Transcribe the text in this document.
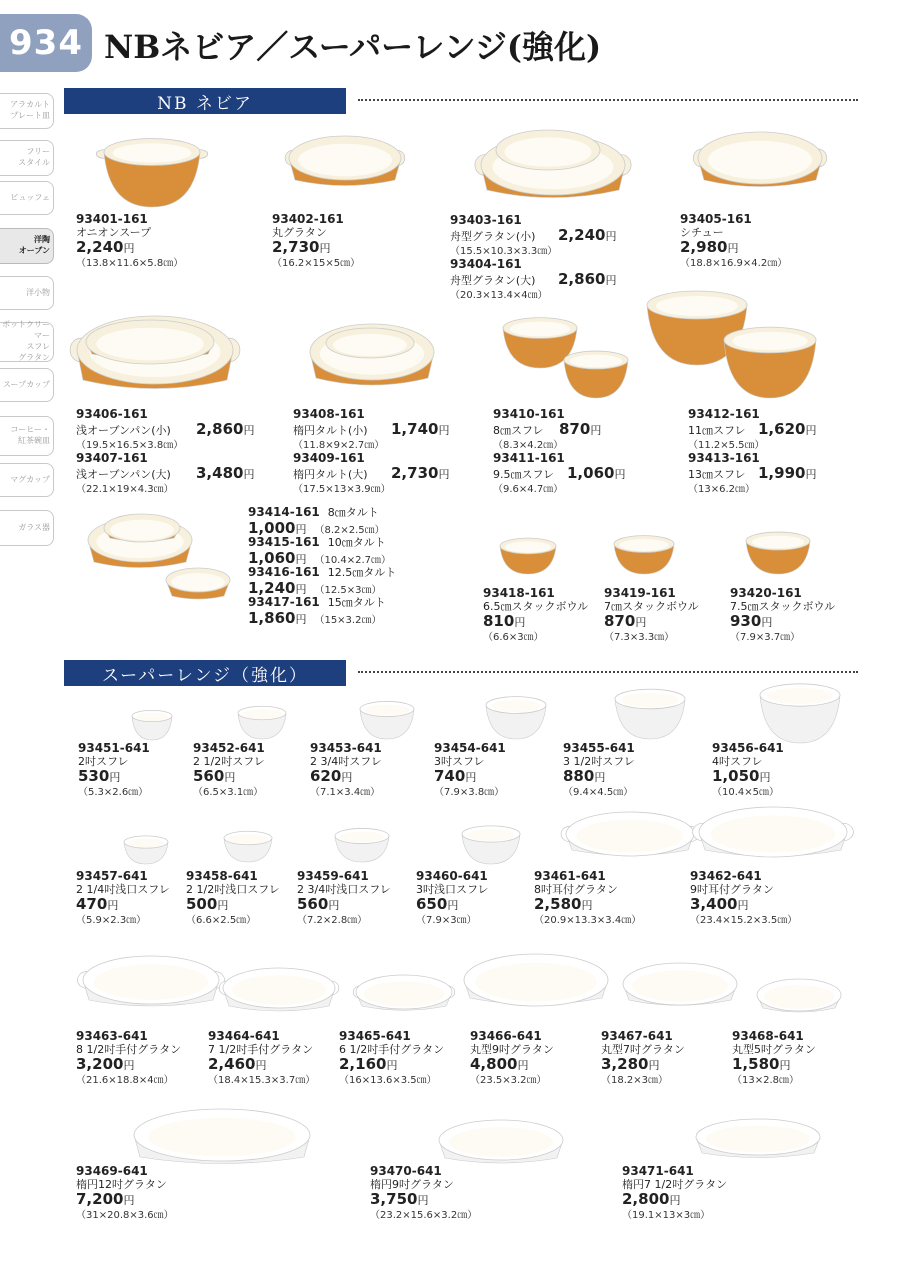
934 NBネビア／スーパーレンジ(強化)
アラカルト
プレート皿
フリー
スタイル
ビュッフェ
洋陶
オーブン
洋小物
ポットクリーマー
スフレ
グラタン
スープカップ
コーヒー・
紅茶碗皿
マグカップ
ガラス器
NB ネビア
スーパーレンジ（強化）
93401-161
オニオンスープ
2,240円
（13.8×11.6×5.8㎝）
93402-161
丸グラタン
2,730円
（16.2×15×5㎝）
93405-161
シチュー
2,980円
（18.8×16.9×4.2㎝）
93418-161
6.5㎝スタックボウル
810円
（6.6×3㎝）
93419-161
7㎝スタックボウル
870円
（7.3×3.3㎝）
93420-161
7.5㎝スタックボウル
930円
（7.9×3.7㎝）
93451-641
2吋スフレ
530円
（5.3×2.6㎝）
93452-641
2 1/2吋スフレ
560円
（6.5×3.1㎝）
93453-641
2 3/4吋スフレ
620円
（7.1×3.4㎝）
93454-641
3吋スフレ
740円
（7.9×3.8㎝）
93455-641
3 1/2吋スフレ
880円
（9.4×4.5㎝）
93456-641
4吋スフレ
1,050円
（10.4×5㎝）
93457-641
2 1/4吋浅口スフレ
470円
（5.9×2.3㎝）
93458-641
2 1/2吋浅口スフレ
500円
（6.6×2.5㎝）
93459-641
2 3/4吋浅口スフレ
560円
（7.2×2.8㎝）
93460-641
3吋浅口スフレ
650円
（7.9×3㎝）
93461-641
8吋耳付グラタン
2,580円
（20.9×13.3×3.4㎝）
93462-641
9吋耳付グラタン
3,400円
（23.4×15.2×3.5㎝）
93463-641
8 1/2吋手付グラタン
3,200円
（21.6×18.8×4㎝）
93464-641
7 1/2吋手付グラタン
2,460円
（18.4×15.3×3.7㎝）
93465-641
6 1/2吋手付グラタン
2,160円
（16×13.6×3.5㎝）
93466-641
丸型9吋グラタン
4,800円
（23.5×3.2㎝）
93467-641
丸型7吋グラタン
3,280円
（18.2×3㎝）
93468-641
丸型5吋グラタン
1,580円
（13×2.8㎝）
93469-641
楕円12吋グラタン
7,200円
（31×20.8×3.6㎝）
93470-641
楕円9吋グラタン
3,750円
（23.2×15.6×3.2㎝）
93471-641
楕円7 1/2吋グラタン
2,800円
（19.1×13×3㎝）
93403-161
舟型グラタン(小)	2,240円
（15.5×10.3×3.3㎝）
93404-161
舟型グラタン(大)	2,860円
（20.3×13.4×4㎝）
93406-161
浅オーブンパン(小)	2,860円
（19.5×16.5×3.8㎝）
93407-161
浅オーブンパン(大)	3,480円
（22.1×19×4.3㎝）
93408-161
楕円タルト(小)	1,740円
（11.8×9×2.7㎝）
93409-161
楕円タルト(大)	2,730円
（17.5×13×3.9㎝）
93410-161
8㎝スフレ	870円
（8.3×4.2㎝）
93411-161
9.5㎝スフレ 1,060円
（9.6×4.7㎝）
93412-161
11㎝スフレ 1,620円
（11.2×5.5㎝）
93413-161
13㎝スフレ 1,990円
（13×6.2㎝）
93414-161 8㎝タルト
1,000円 （8.2×2.5㎝）
93415-161 10㎝タルト
1,060円 （10.4×2.7㎝）
93416-161 12.5㎝タルト
1,240円 （12.5×3㎝）
93417-161 15㎝タルト
1,860円 （15×3.2㎝）
